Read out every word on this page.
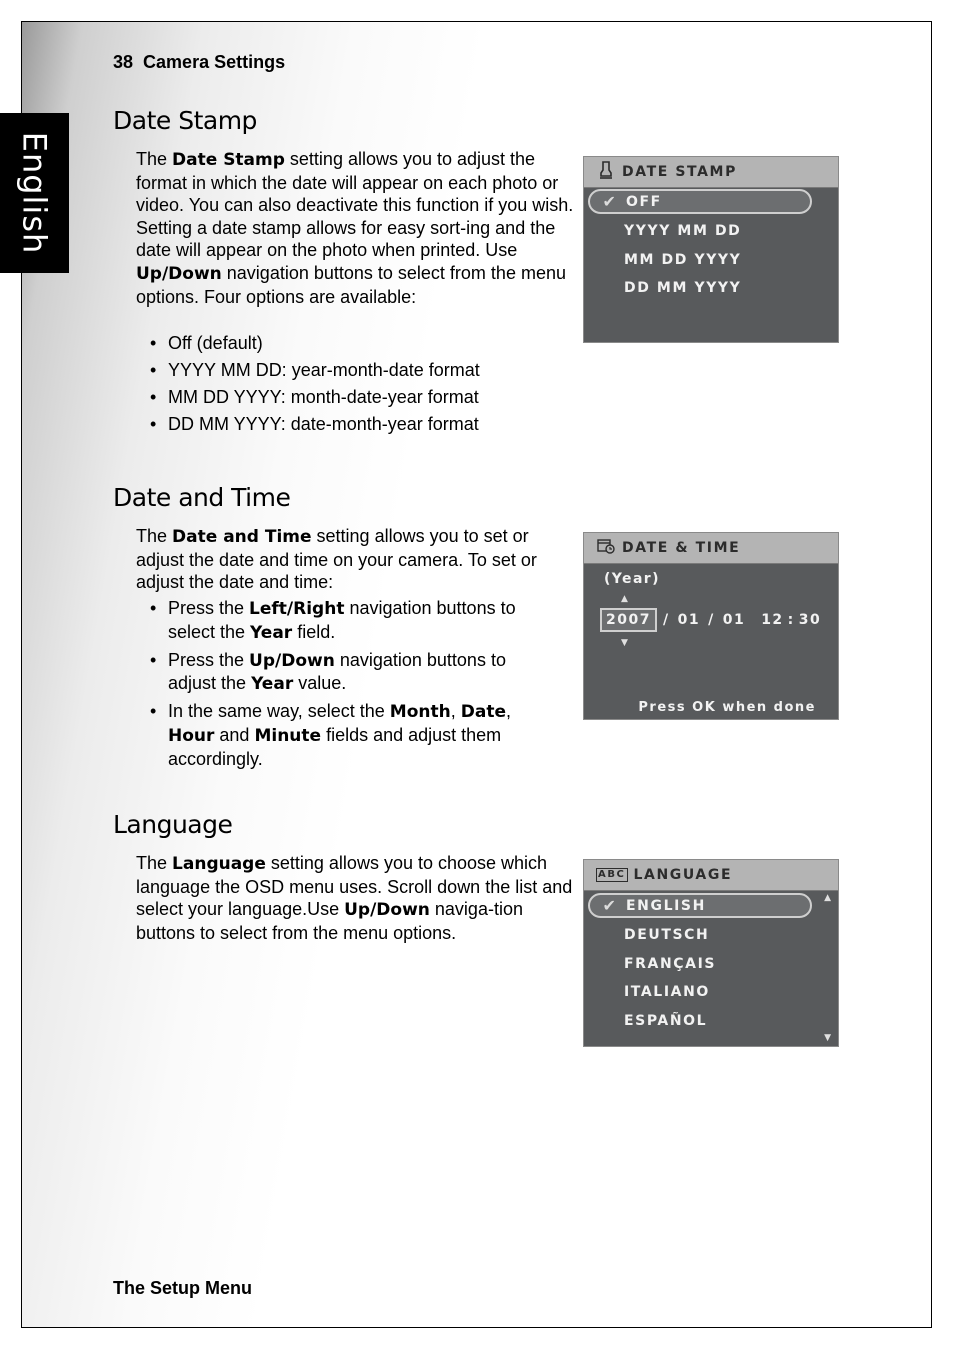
English
38 Camera Settings
Date Stamp

The Date Stamp setting allows you to adjust the format in which the date will appear on each photo or video. You can also deactivate this function if you wish. Setting a date stamp allows for easy sort-ing and the date will appear on the photo when printed. Use Up/Down navigation buttons to select from the menu options. Four options are available:

• Off (default)
• YYYY MM DD: year-month-date format
• MM DD YYYY: month-date-year format
• DD MM YYYY: date-month-year format
DATE STAMP
✔ OFF
YYYY MM DD
MM DD YYYY
DD MM YYYY
Date and Time

The Date and Time setting allows you to set or adjust the date and time on your camera. To set or adjust the date and time:

• Press the Left/Right navigation buttons to select the Year field.
• Press the Up/Down navigation buttons to adjust the Year value.
• In the same way, select the Month, Date, Hour and Minute fields and adjust them accordingly.
DATE & TIME
(Year)
▲
2007 / 01 / 01 12 : 30
▼
Press OK when done
Language

The Language setting allows you to choose which language the OSD menu uses. Scroll down the list and select your language.Use Up/Down naviga-tion buttons to select from the menu options.

ABC LANGUAGE
▲
✔ ENGLISH
DEUTSCH
FRANÇAIS
ITALIANO
ESPAÑOL
▼
The Setup Menu
